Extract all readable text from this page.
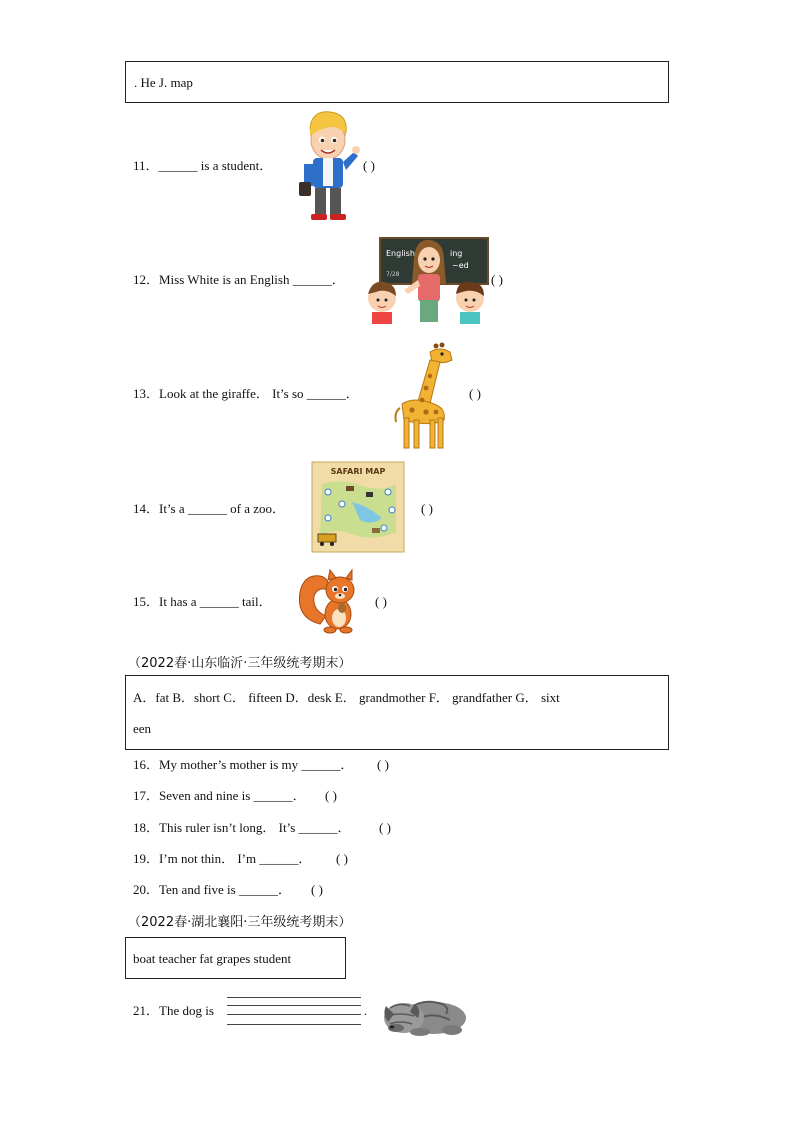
. He J. map
11．______ is a student．	( )
12．Miss White is an English ______．	( )
English	ing
~ed
7/28
13．Look at the giraffe． It’s so ______．	( )
14．It’s a ______ of a zoo．	( )
SAFARI MAP
15．It has a ______ tail．	( )
（2022春·山东临沂·三年级统考期末）
A．fat B．short C． fifteen D．desk E． grandmother F． grandfather G． sixt
een
16．My mother’s mother is my ______． ( )
17．Seven and nine is ______． ( )
18．This ruler isn’t long． It’s ______． ( )
19．I’m not thin． I’m ______． ( )
20．Ten and five is ______． ( )
（2022春·湖北襄阳·三年级统考期末）
boat teacher fat grapes student
21．The dog is	.
